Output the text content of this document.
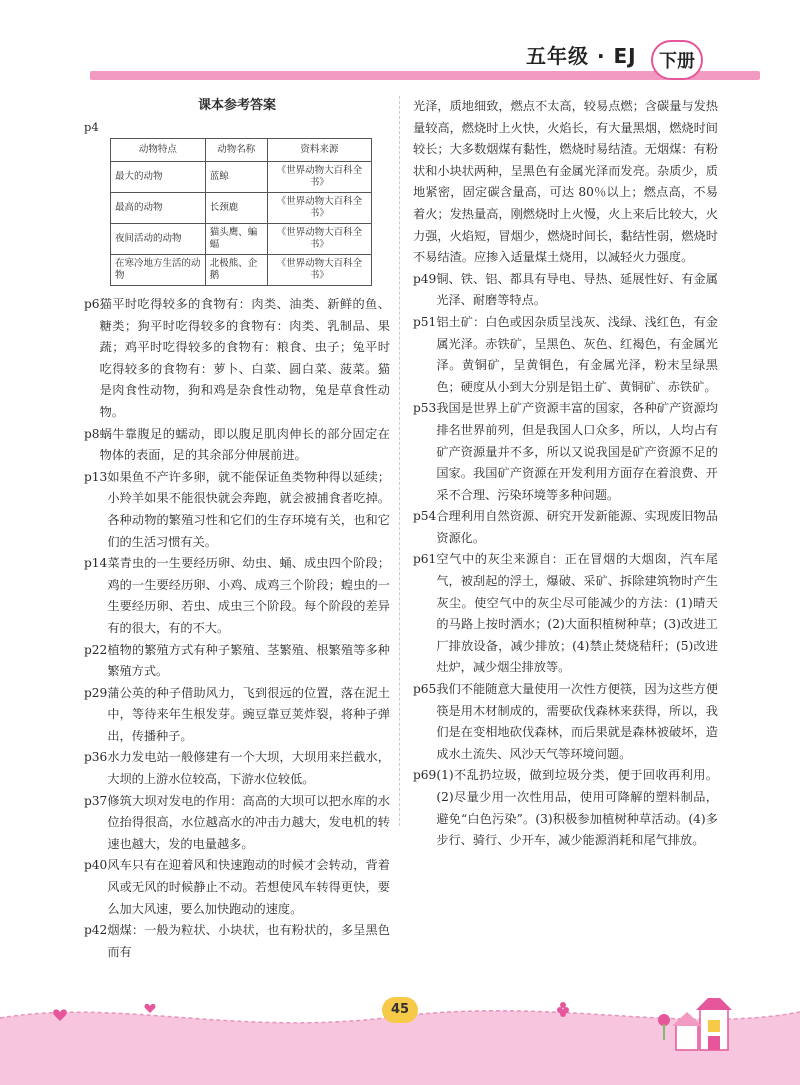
五年级 · EJ	下册
课本参考答案
p4
动物特点	动物名称	资料来源
最大的动物	蓝鲸	《世界动物大百科全书》
最高的动物	长颈鹿	《世界动物大百科全书》
夜间活动的动物	猫头鹰、蝙蝠	《世界动物大百科全书》
在寒冷地方生活的动物	北极熊、企鹅	《世界动物大百科全书》
p6 猫平时吃得较多的食物有：肉类、油类、新鲜的鱼、糖类；狗平时吃得较多的食物有：肉类、乳制品、果蔬；鸡平时吃得较多的食物有：粮食、虫子；兔平时吃得较多的食物有：萝卜、白菜、圆白菜、菠菜。猫是肉食性动物，狗和鸡是杂食性动物，兔是草食性动物。
p8 蜗牛靠腹足的蠕动，即以腹足肌肉伸长的部分固定在物体的表面，足的其余部分伸展前进。
p13 如果鱼不产许多卵，就不能保证鱼类物种得以延续；小羚羊如果不能很快就会奔跑，就会被捕食者吃掉。各种动物的繁殖习性和它们的生存环境有关，也和它们的生活习惯有关。
p14 菜青虫的一生要经历卵、幼虫、蛹、成虫四个阶段；鸡的一生要经历卵、小鸡、成鸡三个阶段；蝗虫的一生要经历卵、若虫、成虫三个阶段。每个阶段的差异有的很大，有的不大。
p22 植物的繁殖方式有种子繁殖、茎繁殖、根繁殖等多种繁殖方式。
p29 蒲公英的种子借助风力，飞到很远的位置，落在泥土中，等待来年生根发芽。豌豆靠豆荚炸裂，将种子弹出，传播种子。
p36 水力发电站一般修建有一个大坝，大坝用来拦截水，大坝的上游水位较高，下游水位较低。
p37 修筑大坝对发电的作用：高高的大坝可以把水库的水位抬得很高，水位越高水的冲击力越大，发电机的转速也越大，发的电量越多。
p40 风车只有在迎着风和快速跑动的时候才会转动，背着风或无风的时候静止不动。若想使风车转得更快，要么加大风速，要么加快跑动的速度。
p42 烟煤：一般为粒状、小块状，也有粉状的，多呈黑色而有

光泽，质地细致，燃点不太高，较易点燃；含碳量与发热量较高，燃烧时上火快，火焰长，有大量黑烟，燃烧时间较长；大多数烟煤有黏性，燃烧时易结渣。无烟煤：有粉状和小块状两种，呈黑色有金属光泽而发亮。杂质少，质地紧密，固定碳含量高，可达 80％以上；燃点高，不易着火；发热量高，刚燃烧时上火慢，火上来后比较大，火力强，火焰短，冒烟少，燃烧时间长，黏结性弱，燃烧时不易结渣。应掺入适量煤土烧用，以减轻火力强度。

p49 铜、铁、铝、都具有导电、导热、延展性好、有金属光泽、耐磨等特点。
p51 铝土矿：白色或因杂质呈浅灰、浅绿、浅红色，有金属光泽。赤铁矿，呈黑色、灰色、红褐色，有金属光泽。黄铜矿，呈黄铜色，有金属光泽，粉末呈绿黑色；硬度从小到大分别是铝土矿、黄铜矿、赤铁矿。
p53 我国是世界上矿产资源丰富的国家，各种矿产资源均排名世界前列，但是我国人口众多，所以，人均占有矿产资源量并不多，所以又说我国是矿产资源不足的国家。我国矿产资源在开发利用方面存在着浪费、开采不合理、污染环境等多种问题。
p54 合理利用自然资源、研究开发新能源、实现废旧物品资源化。
p61 空气中的灰尘来源自：正在冒烟的大烟囱，汽车尾气，被刮起的浮土，爆破、采矿、拆除建筑物时产生灰尘。使空气中的灰尘尽可能减少的方法：(1)晴天的马路上按时洒水；(2)大面积植树种草；(3)改进工厂排放设备，减少排放；(4)禁止焚烧秸秆；(5)改进灶炉，减少烟尘排放等。
p65 我们不能随意大量使用一次性方便筷，因为这些方便筷是用木材制成的，需要砍伐森林来获得，所以，我们是在变相地砍伐森林，而后果就是森林被破坏，造成水土流失、风沙天气等环境问题。
p69 (1)不乱扔垃圾，做到垃圾分类，便于回收再利用。(2)尽量少用一次性用品，使用可降解的塑料制品，避免“白色污染”。(3)积极参加植树种草活动。(4)多步行、骑行、少开车，减少能源消耗和尾气排放。
45
